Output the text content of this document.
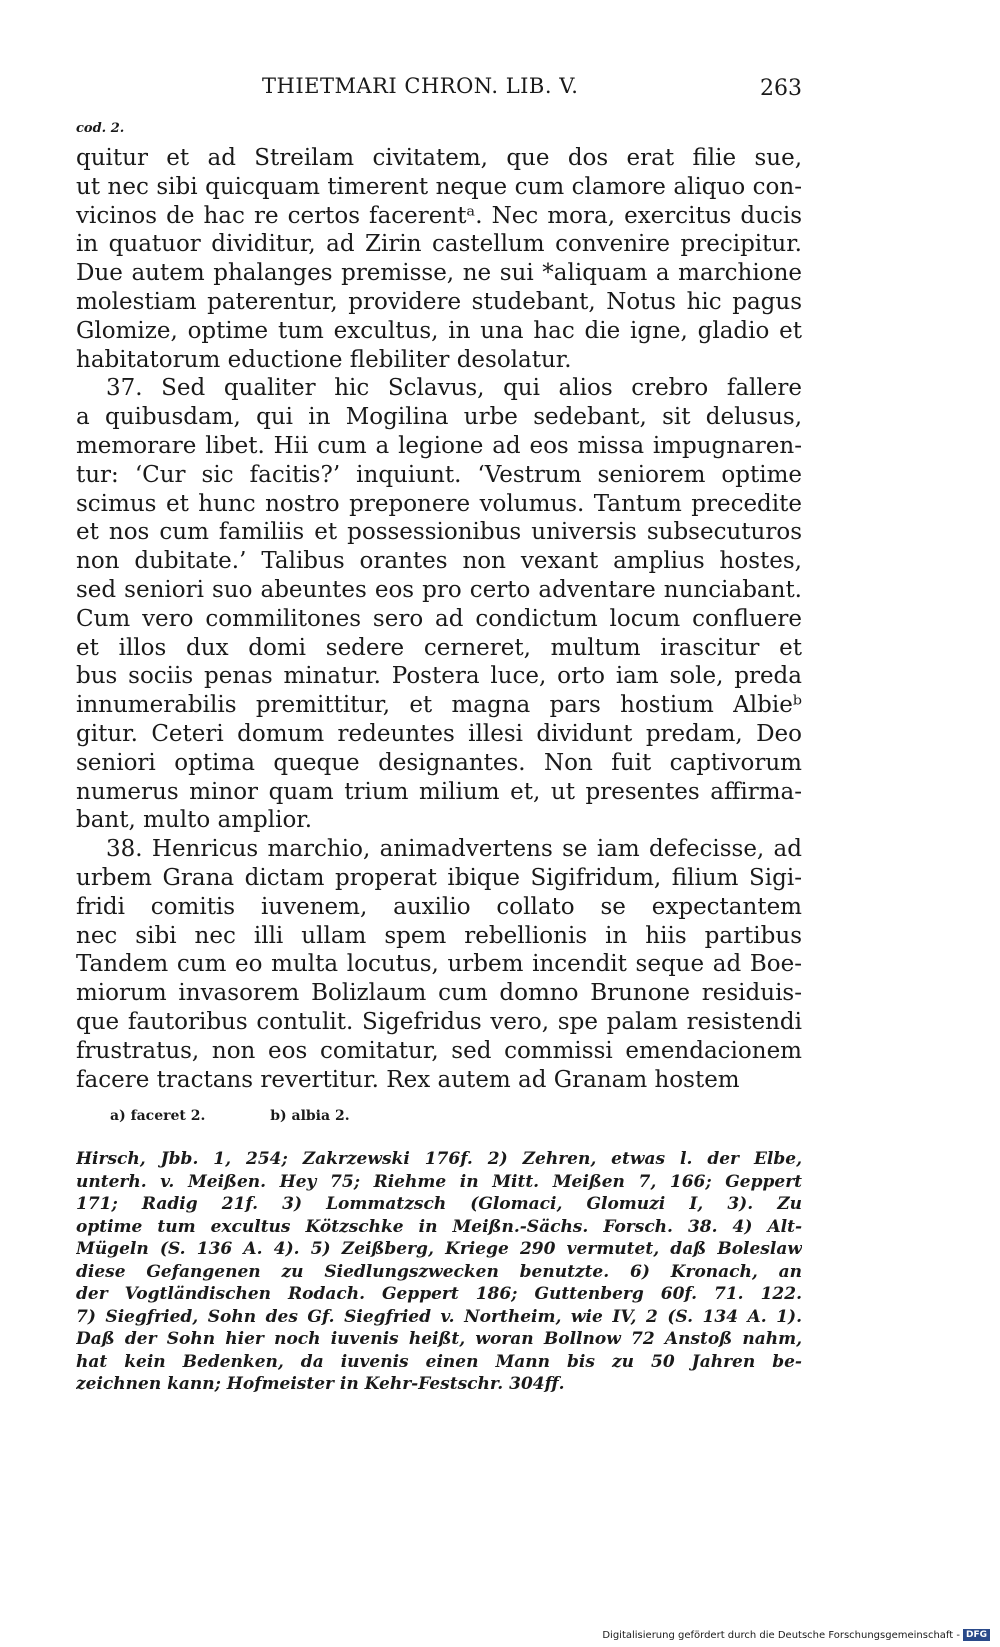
THIETMARI CHRON. LIB. V.	263
cod. 2.
quitur et ad Streilam civitatem, que dos erat filie sue,
ut nec sibi quicquam timerent neque cum clamore aliquo con-
vicinos de hac re certos facerentᵃ. Nec mora, exercitus ducis
in quatuor dividitur, ad Zirin castellum convenire precipitur.
Due autem phalanges premisse, ne sui *aliquam a marchione
molestiam paterentur, providere studebant, Notus hic pagus
Glomize, optime tum excultus, in una hac die igne, gladio et
habitatorum eductione flebiliter desolatur.
37. Sed qualiter hic Sclavus, qui alios crebro fallere
a quibusdam, qui in Mogilina urbe sedebant, sit delusus,
memorare libet. Hii cum a legione ad eos missa impugnaren-
tur: ‘Cur sic facitis?’ inquiunt. ‘Vestrum seniorem optime
scimus et hunc nostro preponere volumus. Tantum precedite
et nos cum familiis et possessionibus universis subsecuturos
non dubitate.’ Talibus orantes non vexant amplius hostes,
sed seniori suo abeuntes eos pro certo adventare nunciabant.
Cum vero commilitones sero ad condictum locum confluere
et illos dux domi sedere cerneret, multum irascitur et
bus sociis penas minatur. Postera luce, orto iam sole, preda
innumerabilis premittitur, et magna pars hostium Albieᵇ
gitur. Ceteri domum redeuntes illesi dividunt predam, Deo
seniori optima queque designantes. Non fuit captivorum
numerus minor quam trium milium et, ut presentes affirma-
bant, multo amplior.
38. Henricus marchio, animadvertens se iam defecisse, ad
urbem Grana dictam properat ibique Sigifridum, filium Sigi-
fridi comitis iuvenem, auxilio collato se expectantem
nec sibi nec illi ullam spem rebellionis in hiis partibus
Tandem cum eo multa locutus, urbem incendit seque ad Boe-
miorum invasorem Bolizlaum cum domno Brunone residuis-
que fautoribus contulit. Sigefridus vero, spe palam resistendi
frustratus, non eos comitatur, sed commissi emendacionem
facere tractans revertitur. Rex autem ad Granam hostem
a) faceret 2.	b) albia 2.
Hirsch, Jbb. 1, 254; Zakrzewski 176f. 2) Zehren, etwas l. der Elbe,
unterh. v. Meißen. Hey 75; Riehme in Mitt. Meißen 7, 166; Geppert
171; Radig 21f. 3) Lommatzsch (Glomaci, Glomuzi I, 3). Zu
optime tum excultus Kötzschke in Meißn.-Sächs. Forsch. 38. 4) Alt-
Mügeln (S. 136 A. 4). 5) Zeißberg, Kriege 290 vermutet, daß Boleslaw
diese Gefangenen zu Siedlungszwecken benutzte. 6) Kronach, an
der Vogtländischen Rodach. Geppert 186; Guttenberg 60f. 71. 122.
7) Siegfried, Sohn des Gf. Siegfried v. Northeim, wie IV, 2 (S. 134 A. 1).
Daß der Sohn hier noch iuvenis heißt, woran Bollnow 72 Anstoß nahm,
hat kein Bedenken, da iuvenis einen Mann bis zu 50 Jahren be-
zeichnen kann; Hofmeister in Kehr-Festschr. 304ff.
Digitalisierung gefördert durch die Deutsche Forschungsgemeinschaft - DFG
